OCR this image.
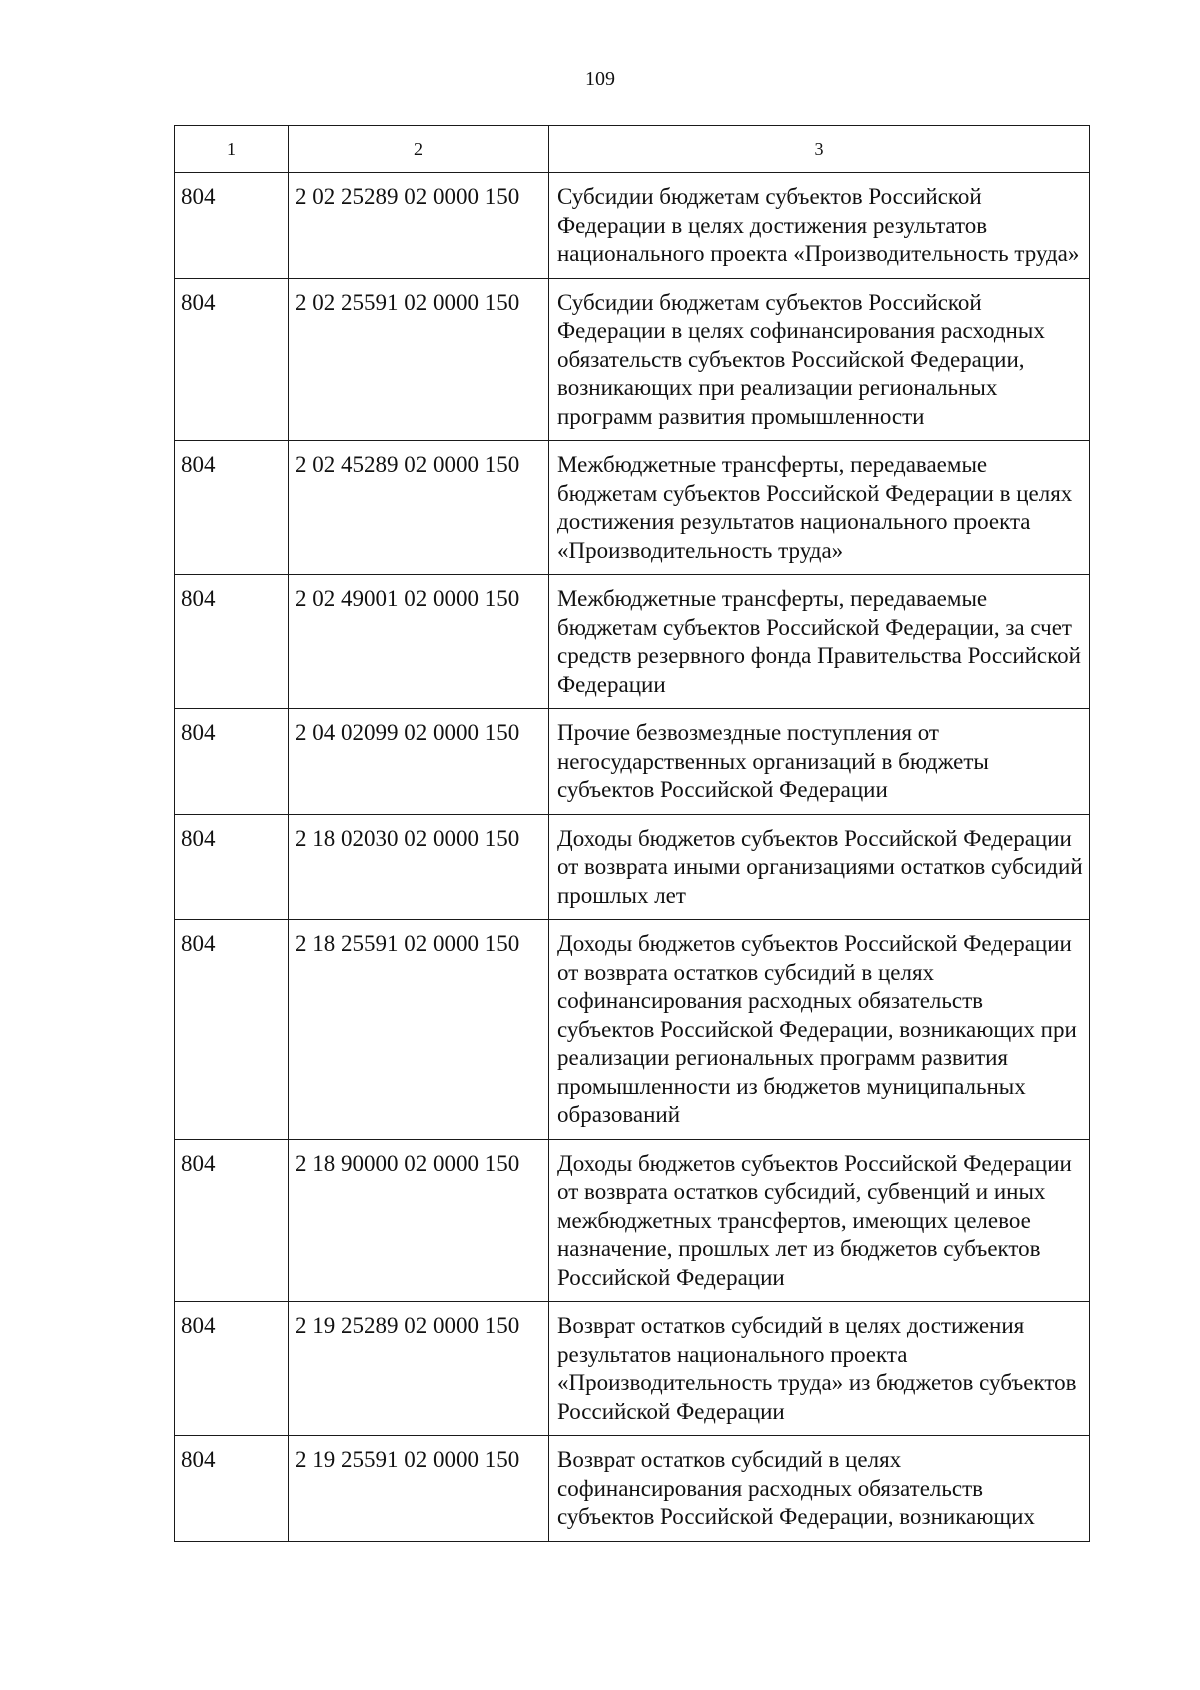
109
1	2	3
804	2 02 25289 02 0000 150	Субсидии бюджетам субъектов Российской Федерации в целях достижения результатов национального проекта «Производительность труда»
804	2 02 25591 02 0000 150	Субсидии бюджетам субъектов Российской Федерации в целях софинансирования расходных обязательств субъектов Российской Федерации, возникающих при реализации региональных программ развития промышленности
804	2 02 45289 02 0000 150	Межбюджетные трансферты, передаваемые бюджетам субъектов Российской Федерации в целях достижения результатов национального проекта «Производительность труда»
804	2 02 49001 02 0000 150	Межбюджетные трансферты, передаваемые бюджетам субъектов Российской Федерации, за счет средств резервного фонда Правительства Российской Федерации
804	2 04 02099 02 0000 150	Прочие безвозмездные поступления от негосударственных организаций в бюджеты субъектов Российской Федерации
804	2 18 02030 02 0000 150	Доходы бюджетов субъектов Российской Федерации от возврата иными организациями остатков субсидий прошлых лет
804	2 18 25591 02 0000 150	Доходы бюджетов субъектов Российской Федерации от возврата остатков субсидий в целях софинансирования расходных обязательств субъектов Российской Федерации, возникающих при реализации региональных программ развития промышленности из бюджетов муниципальных образований
804	2 18 90000 02 0000 150	Доходы бюджетов субъектов Российской Федерации от возврата остатков субсидий, субвенций и иных межбюджетных трансфертов, имеющих целевое назначение, прошлых лет из бюджетов субъектов Российской Федерации
804	2 19 25289 02 0000 150	Возврат остатков субсидий в целях достижения результатов национального проекта «Производительность труда» из бюджетов субъектов Российской Федерации
804	2 19 25591 02 0000 150	Возврат остатков субсидий в целях софинансирования расходных обязательств субъектов Российской Федерации, возникающих
